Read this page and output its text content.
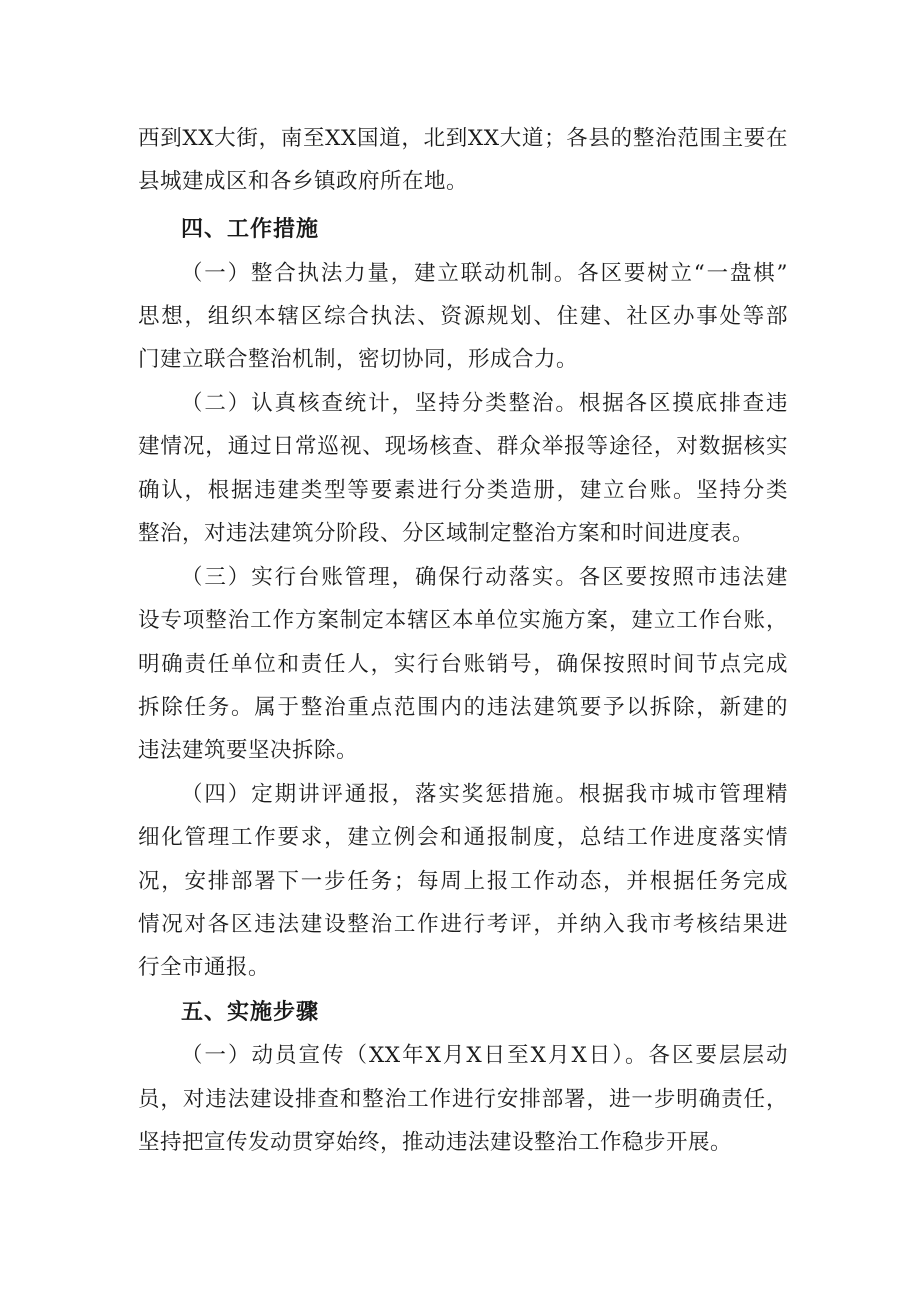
西到XX大街，南至XX国道，北到XX大道；各县的整治范围主要在
县城建成区和各乡镇政府所在地。
四、工作措施
（一）整合执法力量，建立联动机制。各区要树立“一盘棋”
思想，组织本辖区综合执法、资源规划、住建、社区办事处等部
门建立联合整治机制，密切协同，形成合力。
（二）认真核查统计，坚持分类整治。根据各区摸底排查违
建情况，通过日常巡视、现场核查、群众举报等途径，对数据核实
确认，根据违建类型等要素进行分类造册，建立台账。坚持分类
整治，对违法建筑分阶段、分区域制定整治方案和时间进度表。
（三）实行台账管理，确保行动落实。各区要按照市违法建
设专项整治工作方案制定本辖区本单位实施方案，建立工作台账，
明确责任单位和责任人，实行台账销号，确保按照时间节点完成
拆除任务。属于整治重点范围内的违法建筑要予以拆除，新建的
违法建筑要坚决拆除。
（四）定期讲评通报，落实奖惩措施。根据我市城市管理精
细化管理工作要求，建立例会和通报制度，总结工作进度落实情
况，安排部署下一步任务；每周上报工作动态，并根据任务完成
情况对各区违法建设整治工作进行考评，并纳入我市考核结果进
行全市通报。
五、实施步骤
（一）动员宣传（XX年X月X日至X月X日）。各区要层层动
员，对违法建设排查和整治工作进行安排部署，进一步明确责任，
坚持把宣传发动贯穿始终，推动违法建设整治工作稳步开展。
